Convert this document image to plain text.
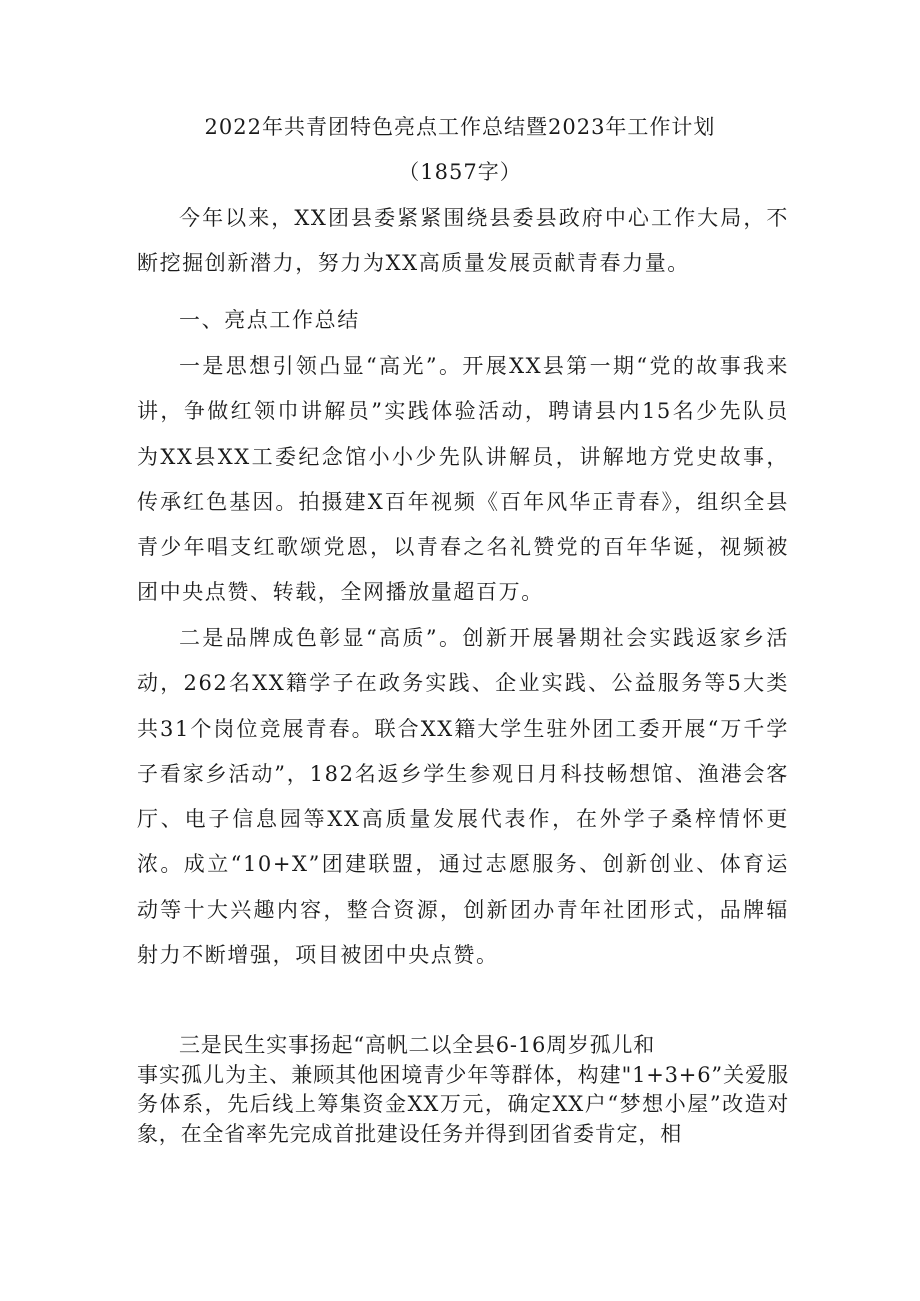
2022年共青团特色亮点工作总结暨2023年工作计划
（1857字）
今年以来，XX团县委紧紧围绕县委县政府中心工作大局，不断挖掘创新潜力，努力为XX高质量发展贡献青春力量。
一、亮点工作总结
一是思想引领凸显“高光”。开展XX县第一期“党的故事我来讲，争做红领巾讲解员”实践体验活动，聘请县内15名少先队员为XX县XX工委纪念馆小小少先队讲解员，讲解地方党史故事，传承红色基因。拍摄建X百年视频《百年风华正青春》，组织全县青少年唱支红歌颂党恩，以青春之名礼赞党的百年华诞，视频被团中央点赞、转载，全网播放量超百万。
二是品牌成色彰显“高质”。创新开展暑期社会实践返家乡活动，262名XX籍学子在政务实践、企业实践、公益服务等5大类共31个岗位竞展青春。联合XX籍大学生驻外团工委开展“万千学子看家乡活动”，182名返乡学生参观日月科技畅想馆、渔港会客厅、电子信息园等XX高质量发展代表作，在外学子桑梓情怀更浓。成立“10+X”团建联盟，通过志愿服务、创新创业、体育运动等十大兴趣内容，整合资源，创新团办青年社团形式，品牌辐射力不断增强，项目被团中央点赞。
三是民生实事扬起“高帆二以全县6-16周岁孤儿和
事实孤儿为主、兼顾其他困境青少年等群体，构建"1+3+6”关爱服务体系，先后线上筹集资金XX万元，确定XX户“梦想小屋”改造对象，在全省率先完成首批建设任务并得到团省委肯定，相
